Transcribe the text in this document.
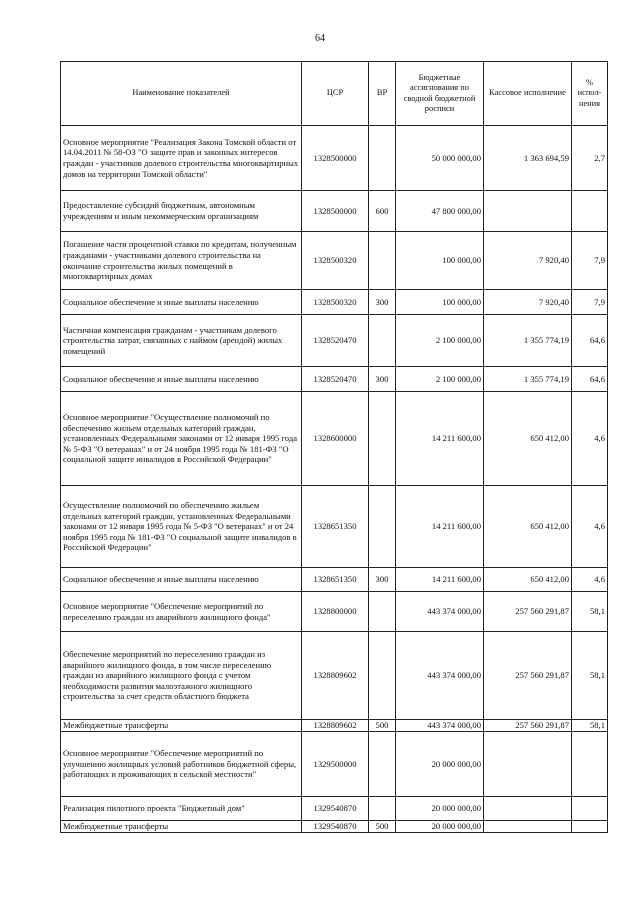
64
Наименование показателей	ЦСР	ВР	Бюджетные ассигнования по сводной бюджетной росписи	Кассовое исполнение	% испол-нения
Основное мероприятие "Реализация Закона Томской области от 14.04.2011 № 58-ОЗ "О защите прав и законных интересов граждан - участников долевого строительства многоквартирных домов на территории Томской области"	1328500000		50 000 000,00	1 363 694,59	2,7
Предоставление субсидий бюджетным, автономным учреждениям и иным некоммерческим организациям	1328500000	600	47 800 000,00		
Погашение части процентной ставки по кредитам, полученным гражданами - участниками долевого строительства на окончание строительства жилых помещений в многоквартирных домах	1328500320		100 000,00	7 920,40	7,9
Социальное обеспечение и иные выплаты населению	1328500320	300	100 000,00	7 920,40	7,9
Частичная компенсация гражданам - участникам долевого строительства затрат, связанных с наймом (арендой) жилых помещений	1328520470		2 100 000,00	1 355 774,19	64,6
Социальное обеспечение и иные выплаты населению	1328520470	300	2 100 000,00	1 355 774,19	64,6
Основное мероприятие "Осуществление полномочий по обеспечению жильем отдельных категорий граждан, установленных Федеральными законами от 12 января 1995 года № 5-ФЗ "О ветеранах" и от 24 ноября 1995 года № 181-ФЗ "О социальной защите инвалидов в Российской Федерации"	1328600000		14 211 600,00	650 412,00	4,6
Осуществление полномочий по обеспечению жильем отдельных категорий граждан, установленных Федеральными законами от 12 января 1995 года № 5-ФЗ "О ветеранах" и от 24 ноября 1995 года № 181-ФЗ "О социальной защите инвалидов в Российской Федерации"	1328651350		14 211 600,00	650 412,00	4,6
Социальное обеспечение и иные выплаты населению	1328651350	300	14 211 600,00	650 412,00	4,6
Основное мероприятие "Обеспечение мероприятий по переселению граждан из аварийного жилищного фонда"	1328800000		443 374 000,00	257 560 291,87	58,1
Обеспечение мероприятий по переселению граждан из аварийного жилищного фонда, в том числе переселению граждан из аварийного жилищного фонда с учетом необходимости развития малоэтажного жилищного строительства за счет средств областного бюджета	1328809602		443 374 000,00	257 560 291,87	58,1
Межбюджетные трансферты	1328809602	500	443 374 000,00	257 560 291,87	58,1
Основное мероприятие "Обеспечение мероприятий по улучшению жилищных условий работников бюджетной сферы, работающих и проживающих в сельской местности"	1329500000		20 000 000,00		
Реализация пилотного проекта "Бюджетный дом"	1329540870		20 000 000,00		
Межбюджетные трансферты	1329540870	500	20 000 000,00		
